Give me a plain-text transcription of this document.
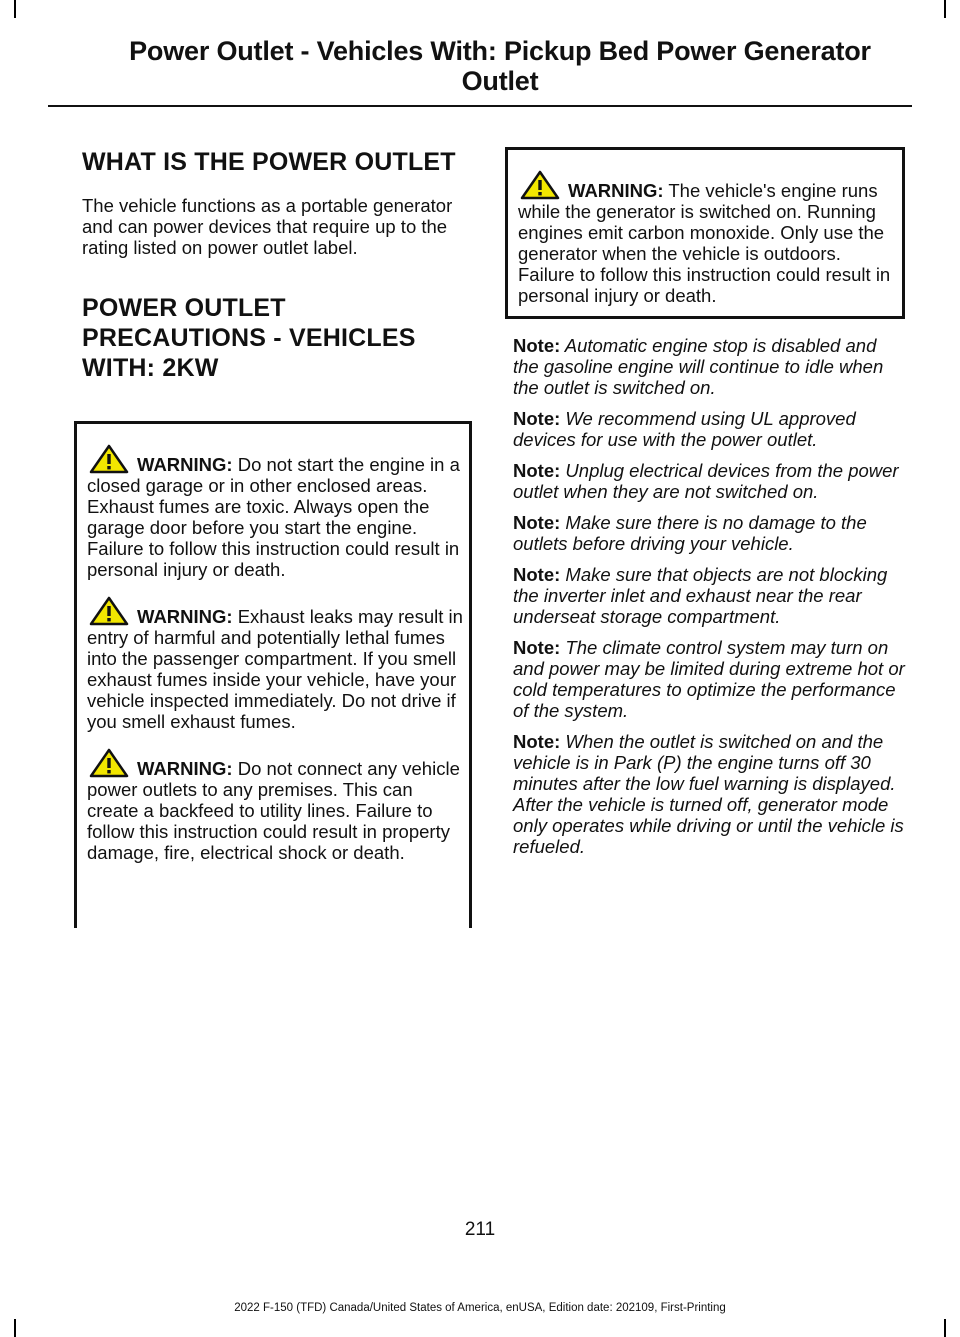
Power Outlet - Vehicles With: Pickup Bed Power Generator
Outlet
WHAT IS THE POWER OUTLET

The vehicle functions as a portable generator and can power devices that require up to the rating listed on power outlet label.

POWER OUTLET
PRECAUTIONS - VEHICLES
WITH: 2KW

WARNING: Do not start the engine in a closed garage or in other enclosed areas. Exhaust fumes are toxic. Always open the garage door before you start the engine. Failure to follow this instruction could result in personal injury or death.

WARNING: Exhaust leaks may result in entry of harmful and potentially lethal fumes into the passenger compartment. If you smell exhaust fumes inside your vehicle, have your vehicle inspected immediately. Do not drive if you smell exhaust fumes.

WARNING: Do not connect any vehicle power outlets to any premises. This can create a backfeed to utility lines. Failure to follow this instruction could result in property damage, fire, electrical shock or death.

WARNING: The vehicle's engine runs while the generator is switched on. Running engines emit carbon monoxide. Only use the generator when the vehicle is outdoors. Failure to follow this instruction could result in personal injury or death.

Note: Automatic engine stop is disabled and the gasoline engine will continue to idle when the outlet is switched on.

Note: We recommend using UL approved devices for use with the power outlet.

Note: Unplug electrical devices from the power outlet when they are not switched on.

Note: Make sure there is no damage to the outlets before driving your vehicle.

Note: Make sure that objects are not blocking the inverter inlet and exhaust near the rear underseat storage compartment.

Note: The climate control system may turn on and power may be limited during extreme hot or cold temperatures to optimize the performance of the system.

Note: When the outlet is switched on and the vehicle is in Park (P) the engine turns off 30 minutes after the low fuel warning is displayed. After the vehicle is turned off, generator mode only operates while driving or until the vehicle is refueled.

211
2022 F-150 (TFD) Canada/United States of America, enUSA, Edition date: 202109, First-Printing
